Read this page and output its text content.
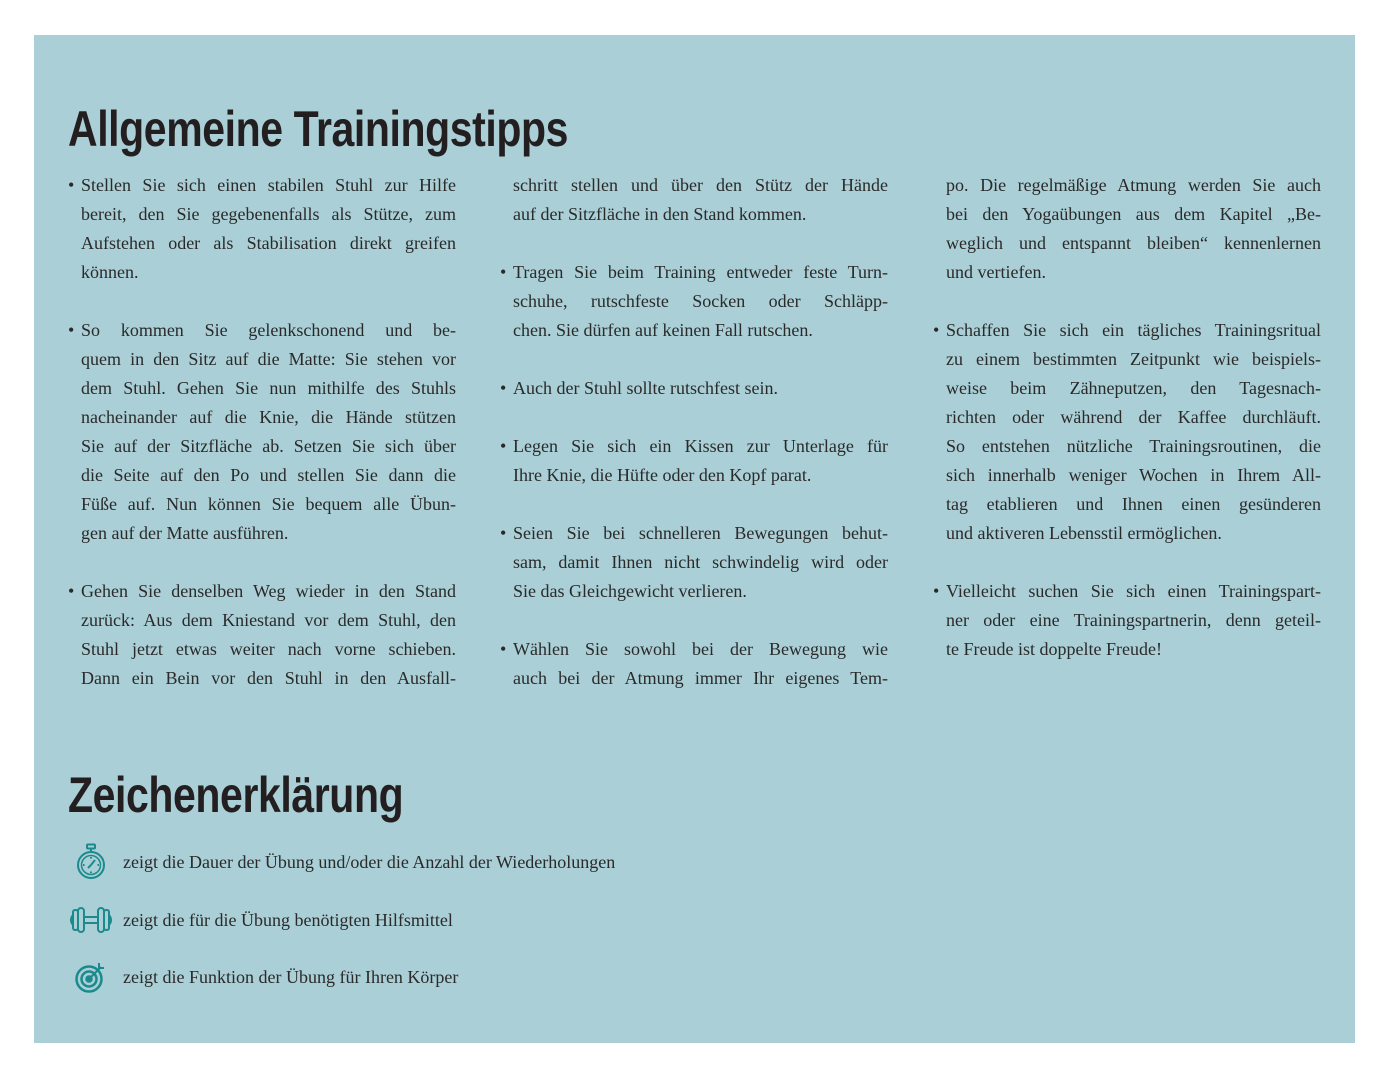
Allgemeine Trainingstipps
• Stellen Sie sich einen stabilen Stuhl zur Hilfe
bereit, den Sie gegebenenfalls als Stütze, zum
Aufstehen oder als Stabilisation direkt greifen
können.
• So kommen Sie gelenkschonend und be-
quem in den Sitz auf die Matte: Sie stehen vor
dem Stuhl. Gehen Sie nun mithilfe des Stuhls
nacheinander auf die Knie, die Hände stützen
Sie auf der Sitzfläche ab. Setzen Sie sich über
die Seite auf den Po und stellen Sie dann die
Füße auf. Nun können Sie bequem alle Übun-
gen auf der Matte ausführen.
• Gehen Sie denselben Weg wieder in den Stand
zurück: Aus dem Kniestand vor dem Stuhl, den
Stuhl jetzt etwas weiter nach vorne schieben.
Dann ein Bein vor den Stuhl in den Ausfall-
schritt stellen und über den Stütz der Hände
auf der Sitzfläche in den Stand kommen.
• Tragen Sie beim Training entweder feste Turn-
schuhe, rutschfeste Socken oder Schläpp-
chen. Sie dürfen auf keinen Fall rutschen.
• Auch der Stuhl sollte rutschfest sein.
• Legen Sie sich ein Kissen zur Unterlage für
Ihre Knie, die Hüfte oder den Kopf parat.
• Seien Sie bei schnelleren Bewegungen behut-
sam, damit Ihnen nicht schwindelig wird oder
Sie das Gleichgewicht verlieren.
• Wählen Sie sowohl bei der Bewegung wie
auch bei der Atmung immer Ihr eigenes Tem-
po. Die regelmäßige Atmung werden Sie auch
bei den Yogaübungen aus dem Kapitel „Be-
weglich und entspannt bleiben“ kennenlernen
und vertiefen.
• Schaffen Sie sich ein tägliches Trainingsritual
zu einem bestimmten Zeitpunkt wie beispiels-
weise beim Zähneputzen, den Tagesnach-
richten oder während der Kaffee durchläuft.
So entstehen nützliche Trainingsroutinen, die
sich innerhalb weniger Wochen in Ihrem All-
tag etablieren und Ihnen einen gesünderen
und aktiveren Lebensstil ermöglichen.
• Vielleicht suchen Sie sich einen Trainingspart-
ner oder eine Trainingspartnerin, denn geteil-
te Freude ist doppelte Freude!
Zeichenerklärung
zeigt die Dauer der Übung und/oder die Anzahl der Wiederholungen
zeigt die für die Übung benötigten Hilfsmittel
zeigt die Funktion der Übung für Ihren Körper
